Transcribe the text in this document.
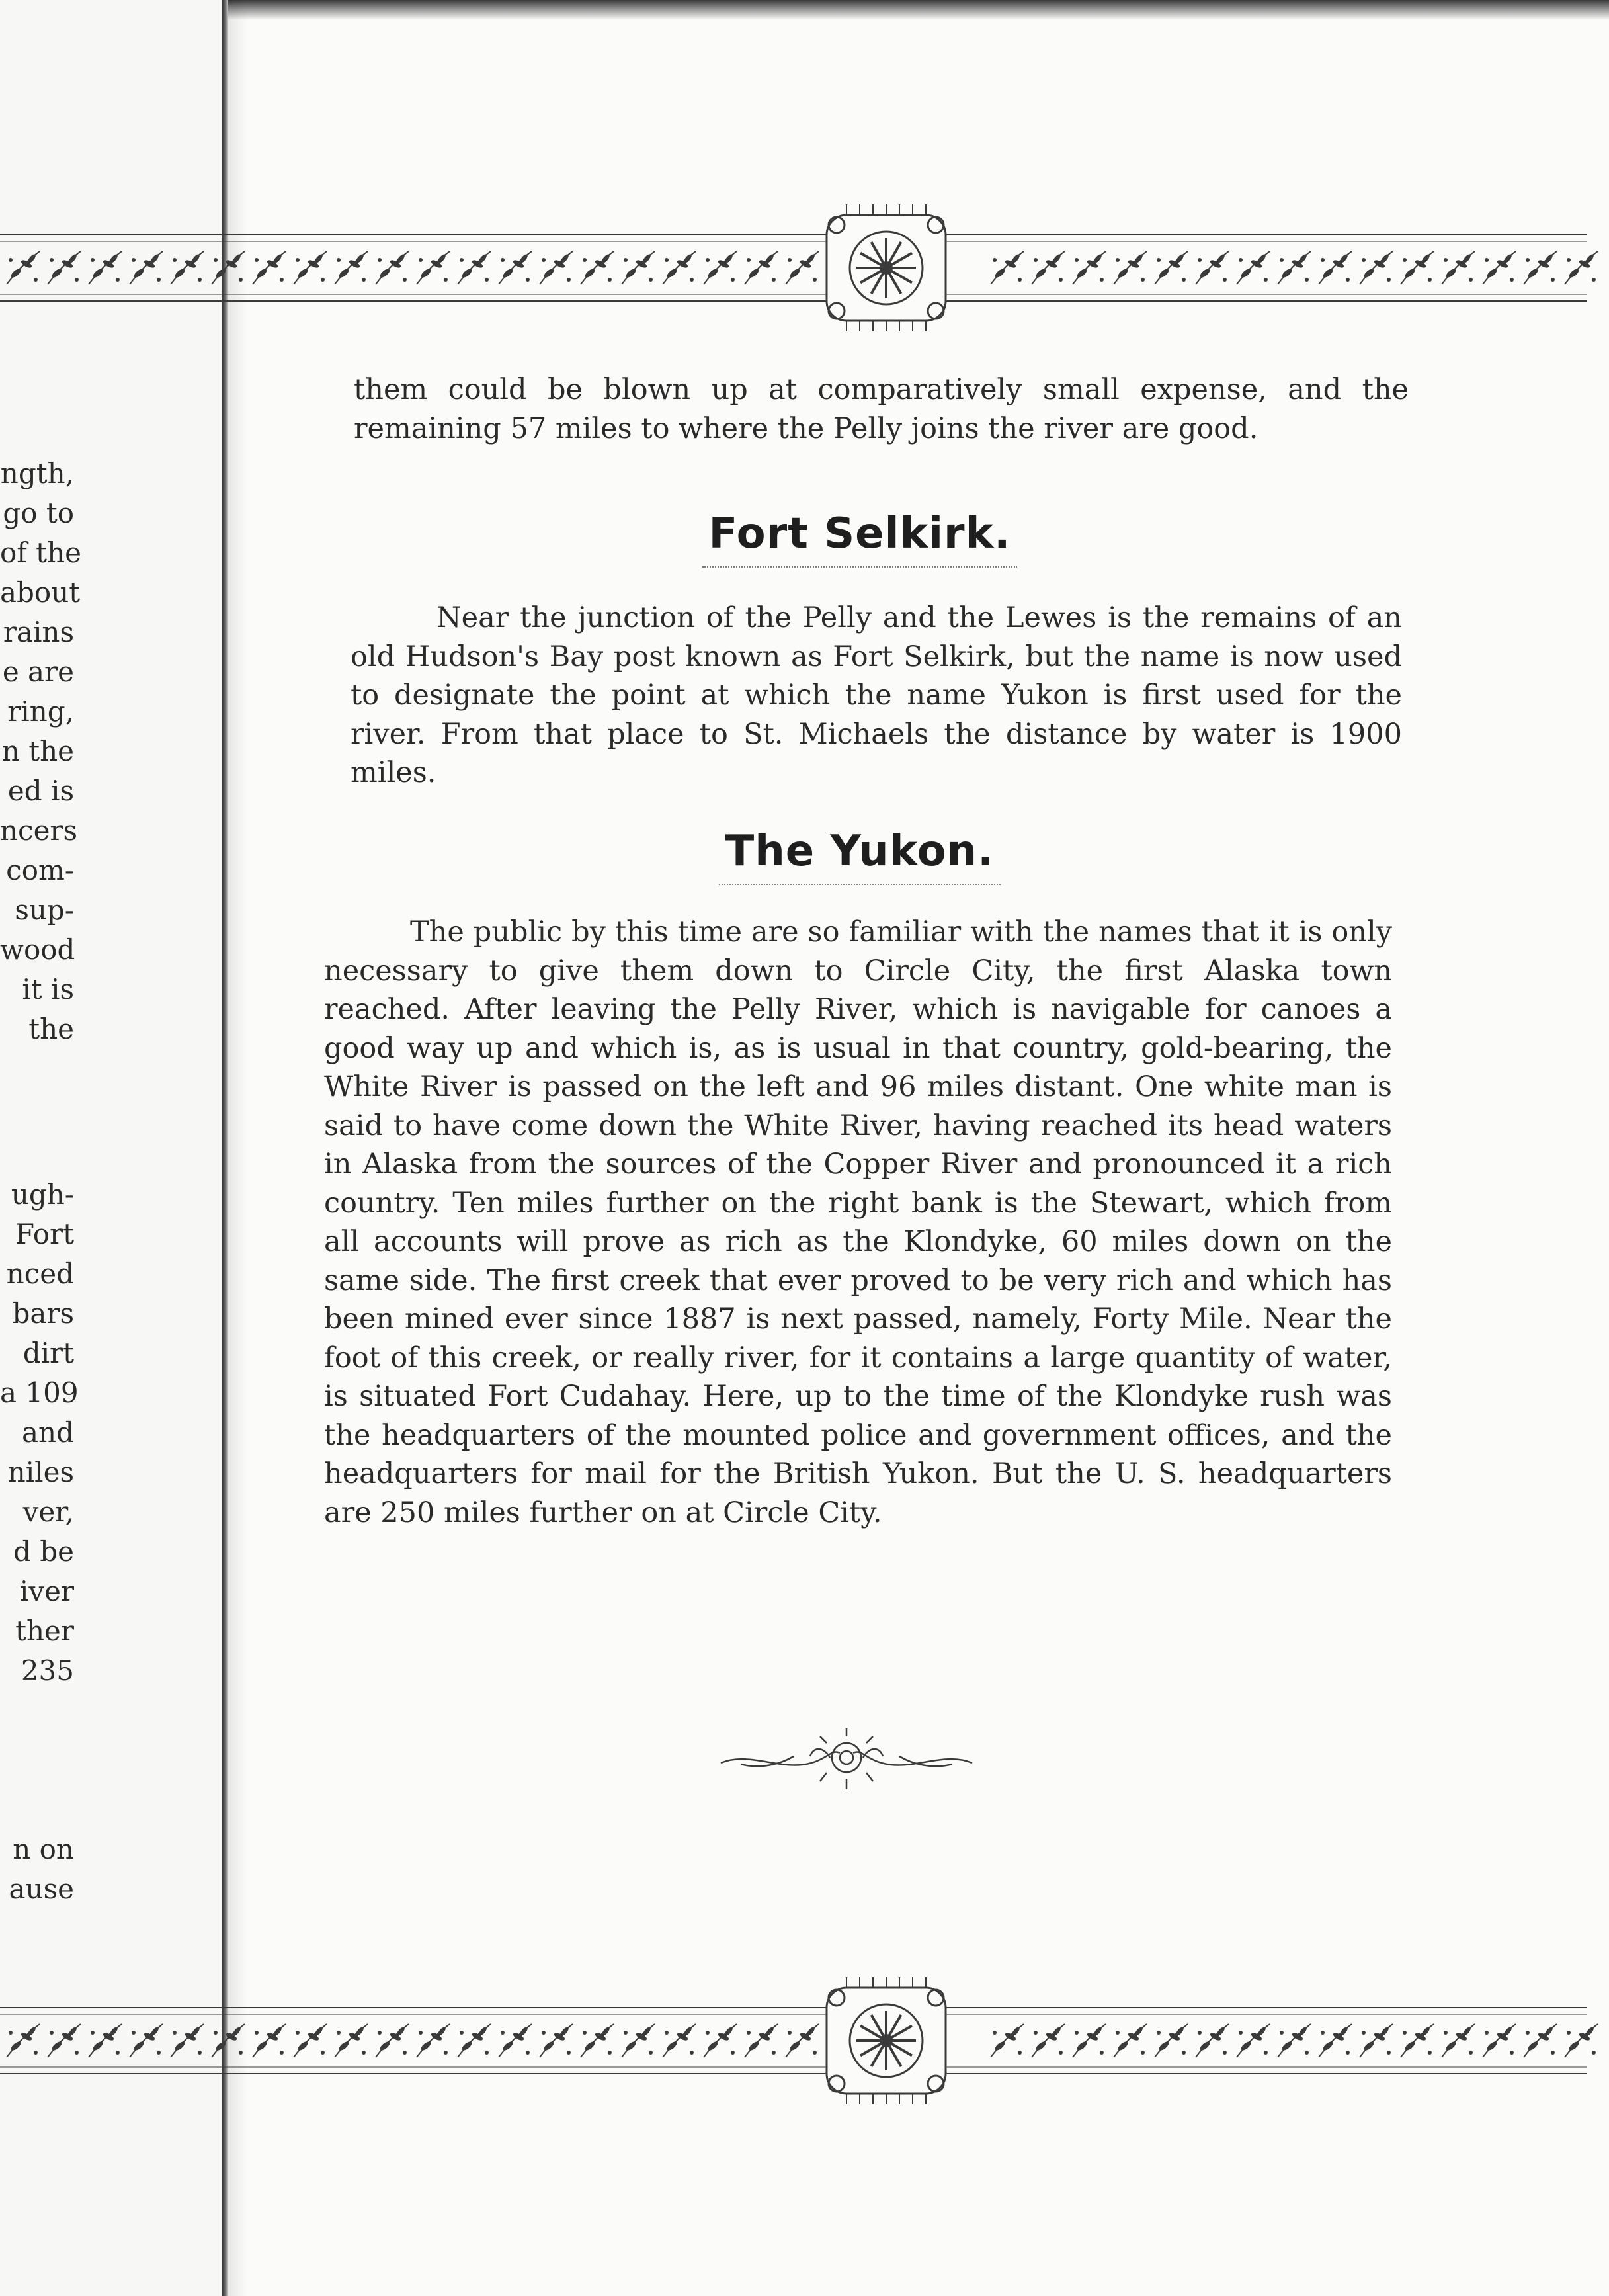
ngth,
go to
of the
about
rains
e are
ring,
n the
ed is
ncers
com-
sup-
wood
it is
the
ugh-
Fort
nced
bars
dirt
a 109
and
niles
ver,
d be
iver
ther
235
n on
ause

them could be blown up at comparatively small expense, and the remaining 57 miles to where the Pelly joins the river are good.

Fort Selkirk.

Near the junction of the Pelly and the Lewes is the remains of an old Hudson's Bay post known as Fort Selkirk, but the name is now used to designate the point at which the name Yukon is first used for the river. From that place to St. Michaels the distance by water is 1900 miles.

The Yukon.

The public by this time are so familiar with the names that it is only necessary to give them down to Circle City, the first Alaska town reached. After leaving the Pelly River, which is navigable for canoes a good way up and which is, as is usual in that country, gold-bearing, the White River is passed on the left and 96 miles distant. One white man is said to have come down the White River, having reached its head waters in Alaska from the sources of the Copper River and pronounced it a rich country. Ten miles further on the right bank is the Stewart, which from all accounts will prove as rich as the Klondyke, 60 miles down on the same side. The first creek that ever proved to be very rich and which has been mined ever since 1887 is next passed, namely, Forty Mile. Near the foot of this creek, or really river, for it contains a large quantity of water, is situated Fort Cudahay. Here, up to the time of the Klondyke rush was the headquarters of the mounted police and government offices, and the headquarters for mail for the British Yukon. But the U. S. headquarters are 250 miles further on at Circle City.
